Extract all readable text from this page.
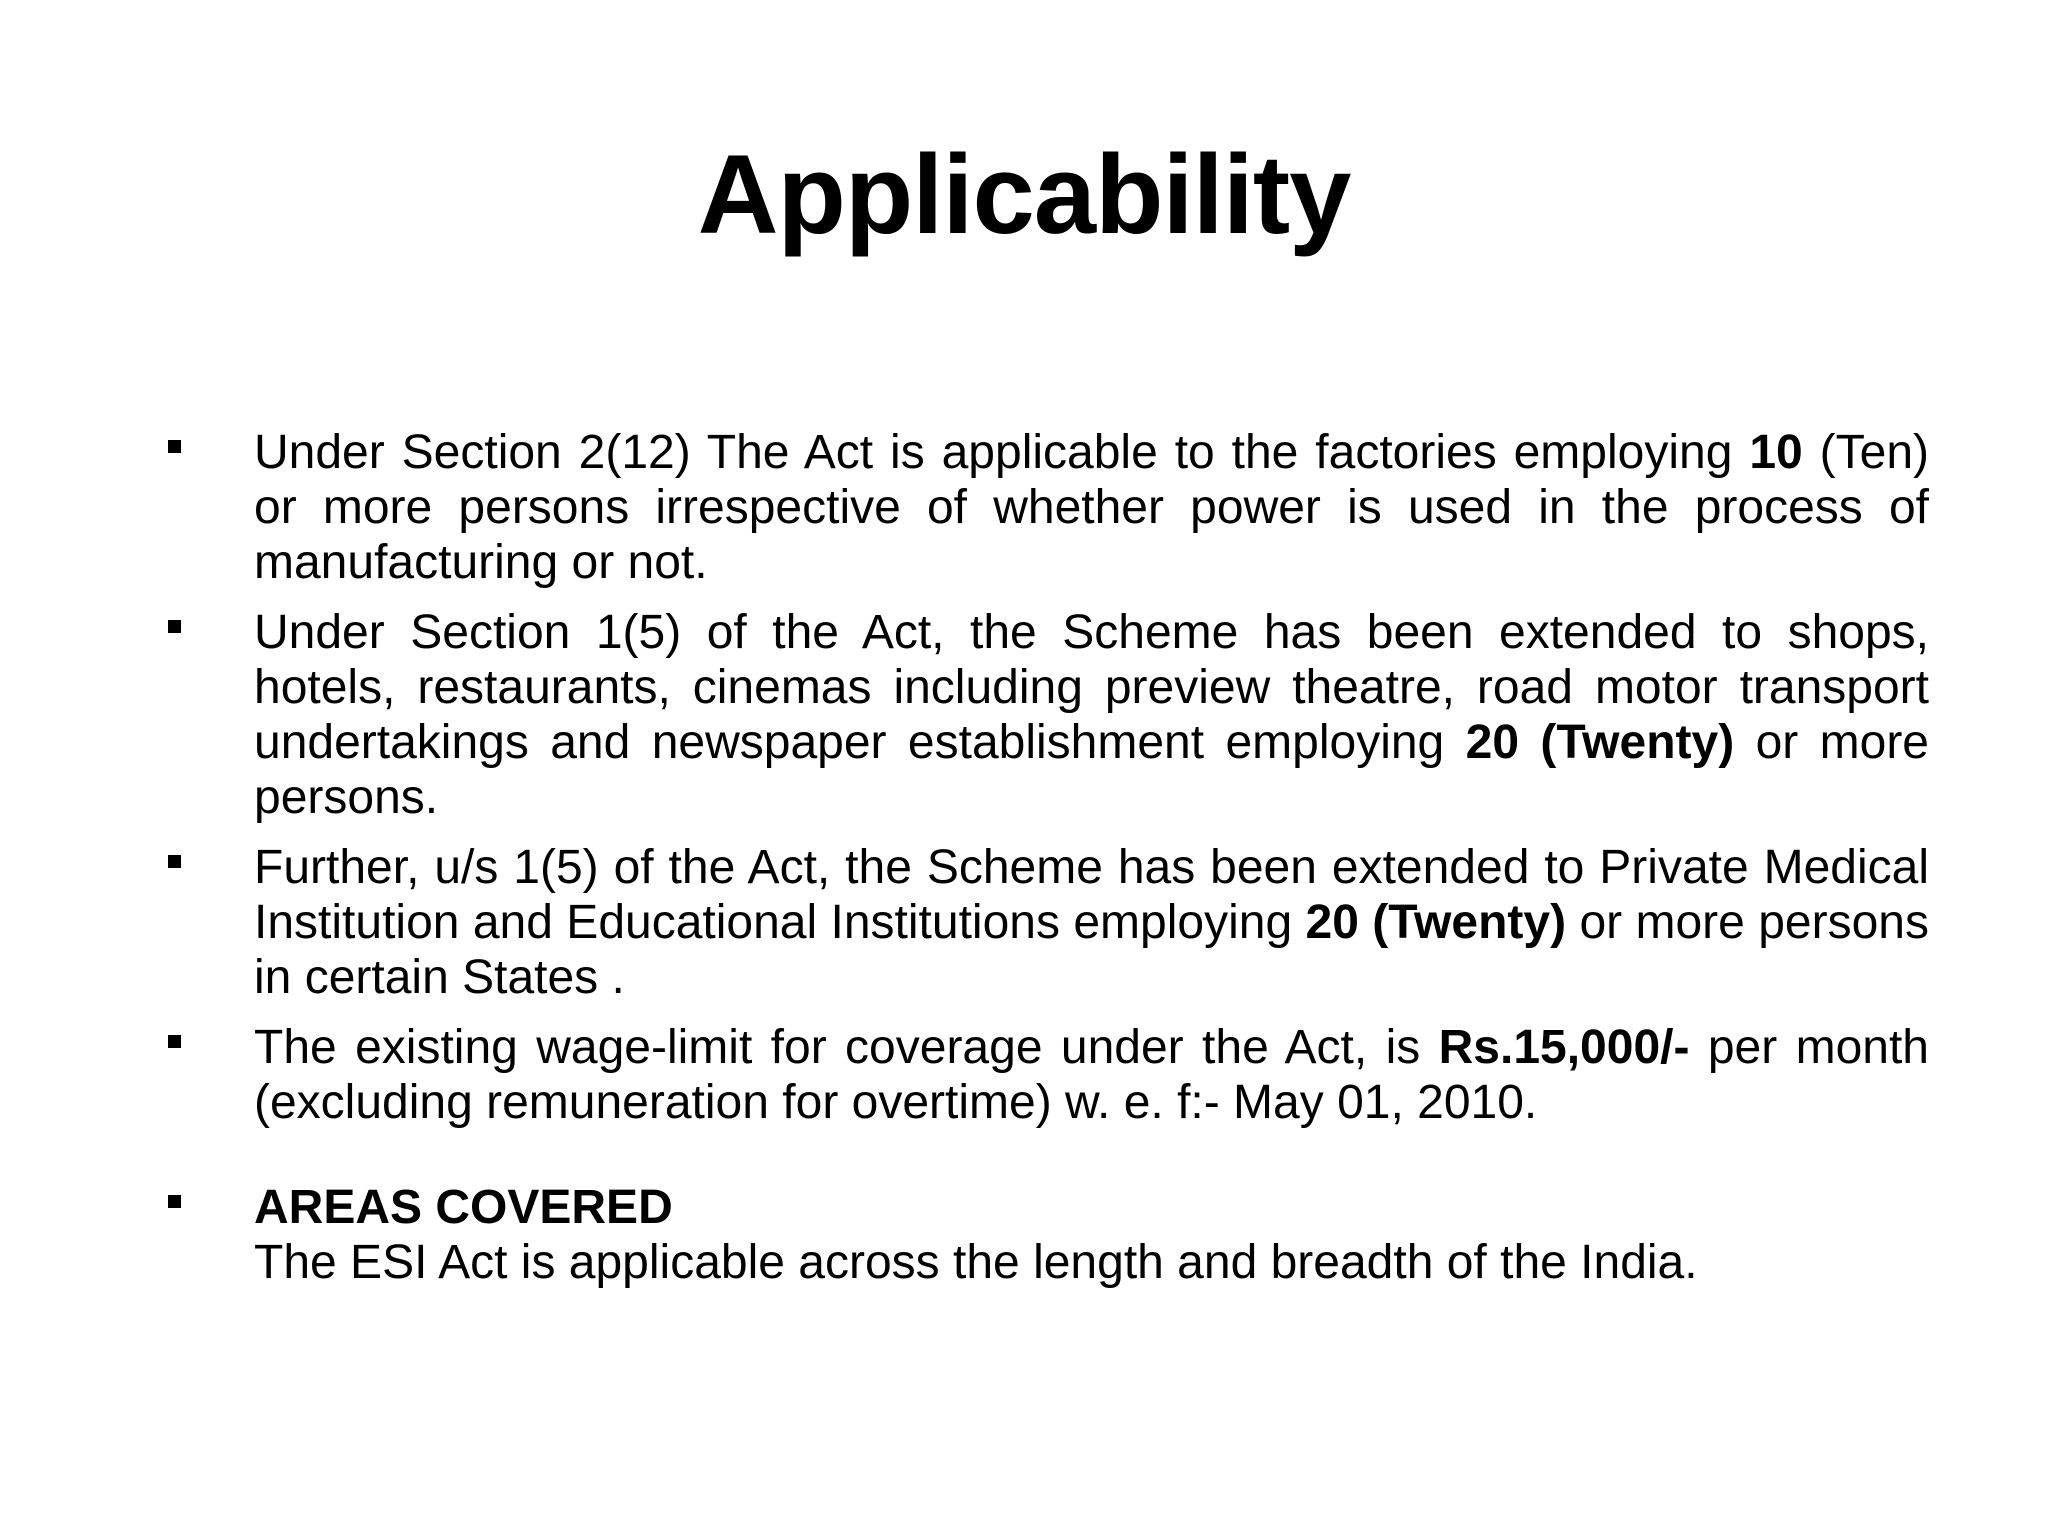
Applicability
Under Section 2(12) The Act is applicable to the factories employing 10 (Ten) or more persons irrespective of whether power is used in the process of manufacturing or not.
Under Section 1(5) of the Act, the Scheme has been extended to shops, hotels, restaurants, cinemas including preview theatre, road motor transport undertakings and newspaper establishment employing 20 (Twenty) or more persons.
Further, u/s 1(5) of the Act, the Scheme has been extended to Private Medical Institution and Educational Institutions employing 20 (Twenty) or more persons in certain States .
The existing wage-limit for coverage under the Act, is Rs.15,000/- per month (excluding remuneration for overtime) w. e. f:- May 01, 2010.
AREAS COVERED
The ESI Act is applicable across the length and breadth of the India.
